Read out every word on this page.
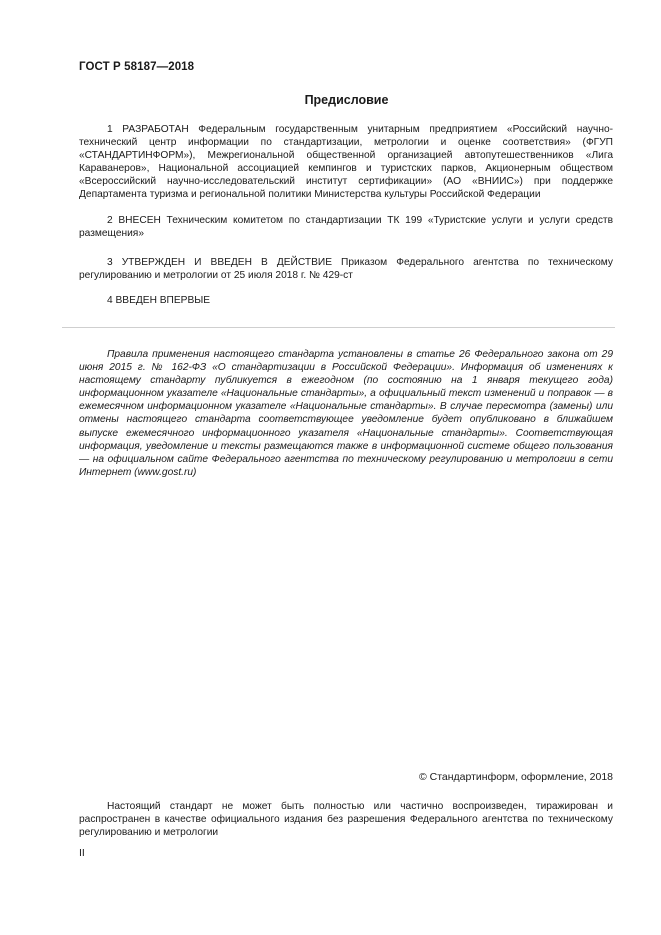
ГОСТ Р 58187—2018
Предисловие
1 РАЗРАБОТАН Федеральным государственным унитарным предприятием «Российский научно-технический центр информации по стандартизации, метрологии и оценке соответствия» (ФГУП «СТАНДАРТИНФОРМ»), Межрегиональной общественной организацией автопутешественников «Лига Караванеров», Национальной ассоциацией кемпингов и туристских парков, Акционерным обществом «Всероссийский научно-исследовательский институт сертификации» (АО «ВНИИС») при поддержке Департамента туризма и региональной политики Министерства культуры Российской Федерации
2 ВНЕСЕН Техническим комитетом по стандартизации ТК 199 «Туристские услуги и услуги средств размещения»
3 УТВЕРЖДЕН И ВВЕДЕН В ДЕЙСТВИЕ Приказом Федерального агентства по техническому регулированию и метрологии от 25 июля 2018 г. № 429-ст
4 ВВЕДЕН ВПЕРВЫЕ
Правила применения настоящего стандарта установлены в статье 26 Федерального закона от 29 июня 2015 г. № 162-ФЗ «О стандартизации в Российской Федерации». Информация об изменениях к настоящему стандарту публикуется в ежегодном (по состоянию на 1 января текущего года) информационном указателе «Национальные стандарты», а официальный текст изменений и поправок — в ежемесячном информационном указателе «Национальные стандарты». В случае пересмотра (замены) или отмены настоящего стандарта соответствующее уведомление будет опубликовано в ближайшем выпуске ежемесячного информационного указателя «Национальные стандарты». Соответствующая информация, уведомление и тексты размещаются также в информационной системе общего пользования — на официальном сайте Федерального агентства по техническому регулированию и метрологии в сети Интернет (www.gost.ru)
© Стандартинформ, оформление, 2018
Настоящий стандарт не может быть полностью или частично воспроизведен, тиражирован и распространен в качестве официального издания без разрешения Федерального агентства по техническому регулированию и метрологии
II
